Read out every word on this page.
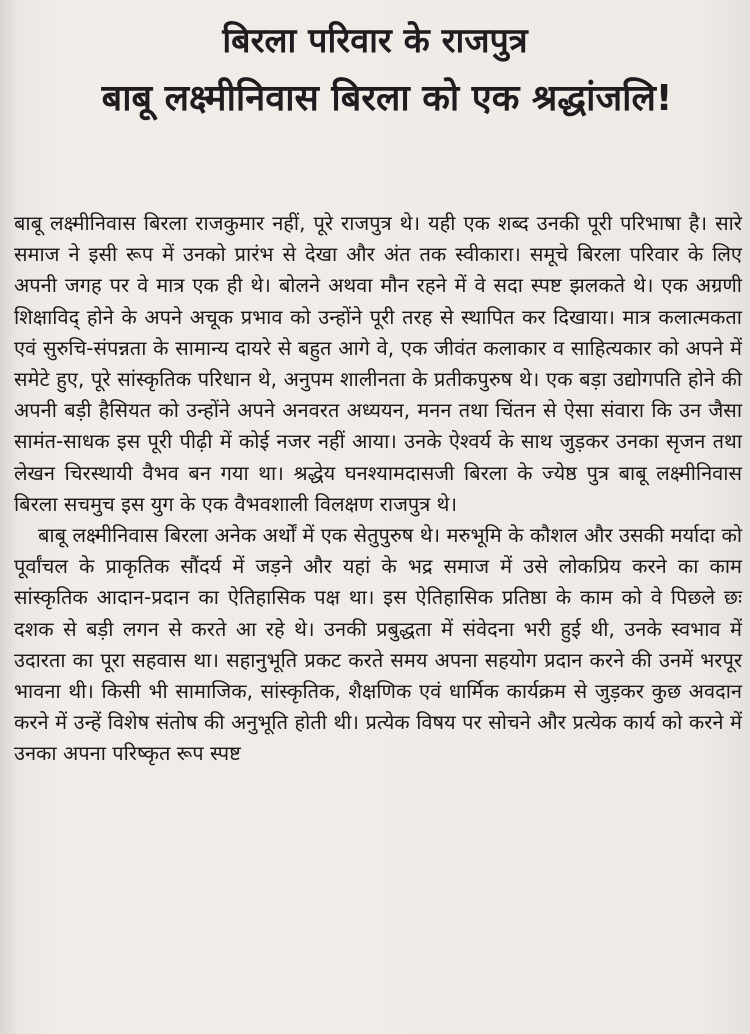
बिरला परिवार के राजपुत्र
बाबू लक्ष्मीनिवास बिरला को एक श्रद्धांजलि!

बाबू लक्ष्मीनिवास बिरला राजकुमार नहीं, पूरे राजपुत्र थे। यही एक शब्द उनकी पूरी परिभाषा है। सारे समाज ने इसी रूप में उनको प्रारंभ से देखा और अंत तक स्वीकारा। समूचे बिरला परिवार के लिए अपनी जगह पर वे मात्र एक ही थे। बोलने अथवा मौन रहने में वे सदा स्पष्ट झलकते थे। एक अग्रणी शिक्षाविद् होने के अपने अचूक प्रभाव को उन्होंने पूरी तरह से स्थापित कर दिखाया। मात्र कलात्मकता एवं सुरुचि-संपन्नता के सामान्य दायरे से बहुत आगे वे, एक जीवंत कलाकार व साहित्यकार को अपने में समेटे हुए, पूरे सांस्कृतिक परिधान थे, अनुपम शालीनता के प्रतीकपुरुष थे। एक बड़ा उद्योगपति होने की अपनी बड़ी हैसियत को उन्होंने अपने अनवरत अध्ययन, मनन तथा चिंतन से ऐसा संवारा कि उन जैसा सामंत-साधक इस पूरी पीढ़ी में कोई नजर नहीं आया। उनके ऐश्वर्य के साथ जुड़कर उनका सृजन तथा लेखन चिरस्थायी वैभव बन गया था। श्रद्धेय घनश्यामदासजी बिरला के ज्येष्ठ पुत्र बाबू लक्ष्मीनिवास बिरला सचमुच इस युग के एक वैभवशाली विलक्षण राजपुत्र थे।

बाबू लक्ष्मीनिवास बिरला अनेक अर्थों में एक सेतुपुरुष थे। मरुभूमि के कौशल और उसकी मर्यादा को पूर्वांचल के प्राकृतिक सौंदर्य में जड़ने और यहां के भद्र समाज में उसे लोकप्रिय करने का काम सांस्कृतिक आदान-प्रदान का ऐतिहासिक पक्ष था। इस ऐतिहासिक प्रतिष्ठा के काम को वे पिछले छः दशक से बड़ी लगन से करते आ रहे थे। उनकी प्रबुद्धता में संवेदना भरी हुई थी, उनके स्वभाव में उदारता का पूरा सहवास था। सहानुभूति प्रकट करते समय अपना सहयोग प्रदान करने की उनमें भरपूर भावना थी। किसी भी सामाजिक, सांस्कृतिक, शैक्षणिक एवं धार्मिक कार्यक्रम से जुड़कर कुछ अवदान करने में उन्हें विशेष संतोष की अनुभूति होती थी। प्रत्येक विषय पर सोचने और प्रत्येक कार्य को करने में उनका अपना परिष्कृत रूप स्पष्ट
